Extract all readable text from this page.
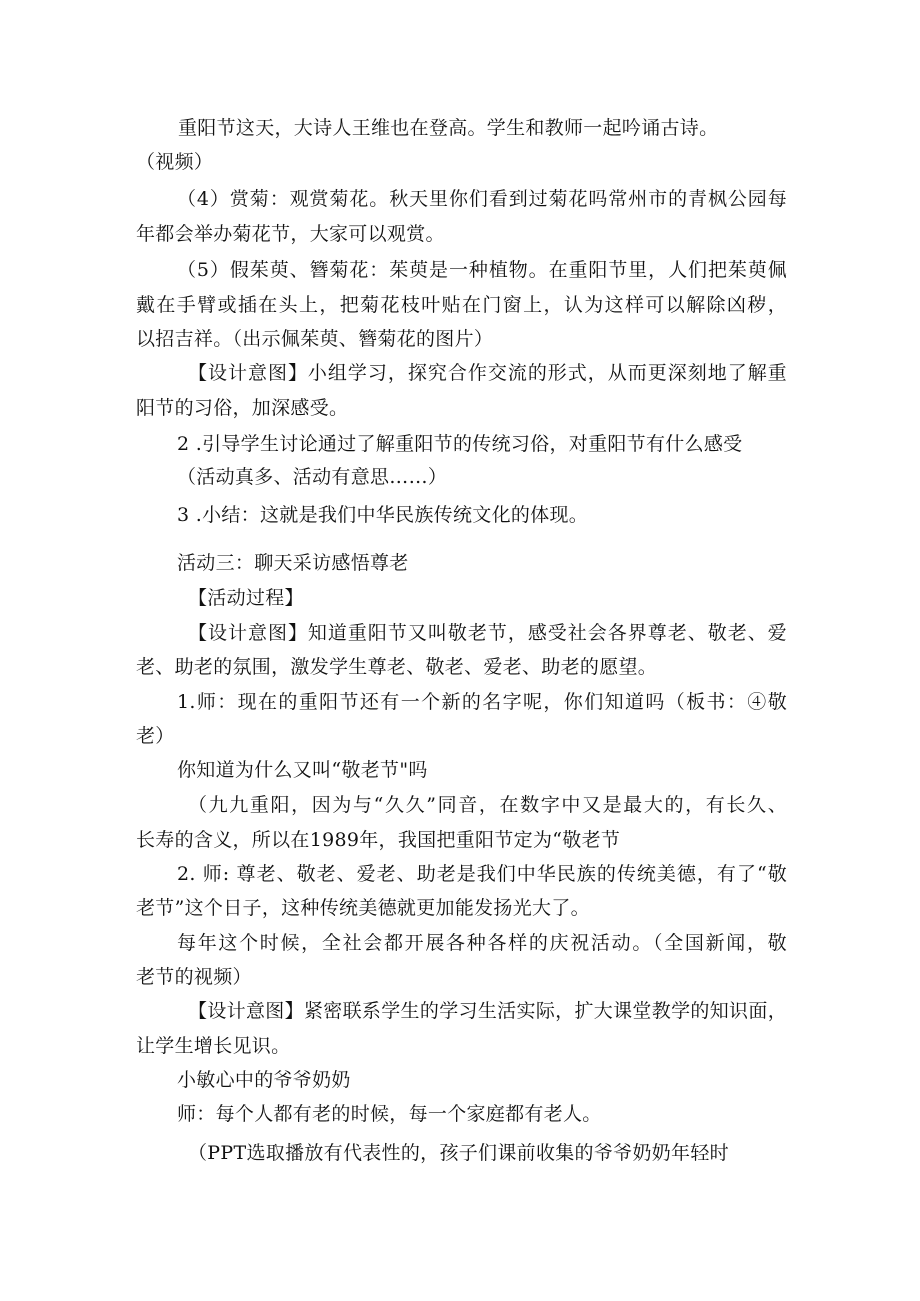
重阳节这天，大诗人王维也在登高。学生和教师一起吟诵古诗。
（视频）
（4）赏菊：观赏菊花。秋天里你们看到过菊花吗常州市的青枫公园每
年都会举办菊花节，大家可以观赏。
（5）假茱萸、簪菊花：茱萸是一种植物。在重阳节里，人们把茱萸佩
戴在手臂或插在头上，把菊花枝叶贴在门窗上，认为这样可以解除凶秽，
以招吉祥。（出示佩茱萸、簪菊花的图片）
【设计意图】小组学习，探究合作交流的形式，从而更深刻地了解重
阳节的习俗，加深感受。
2 .引导学生讨论通过了解重阳节的传统习俗，对重阳节有什么感受
（活动真多、活动有意思……）
3 .小结：这就是我们中华民族传统文化的体现。
活动三：聊天采访感悟尊老
【活动过程】
【设计意图】知道重阳节又叫敬老节，感受社会各界尊老、敬老、爱
老、助老的氛围，激发学生尊老、敬老、爱老、助老的愿望。
1.师：现在的重阳节还有一个新的名字呢，你们知道吗（板书：④敬
老）
你知道为什么又叫“敬老节"吗
（九九重阳，因为与“久久”同音，在数字中又是最大的，有长久、
长寿的含义，所以在1989年，我国把重阳节定为“敬老节
2. 师: 尊老、敬老、爱老、助老是我们中华民族的传统美德，有了“敬
老节”这个日子，这种传统美德就更加能发扬光大了。
每年这个时候，全社会都开展各种各样的庆祝活动。（全国新闻，敬
老节的视频）
【设计意图】紧密联系学生的学习生活实际，扩大课堂教学的知识面，
让学生增长见识。
小敏心中的爷爷奶奶
师：每个人都有老的时候，每一个家庭都有老人。
（PPT选取播放有代表性的，孩子们课前收集的爷爷奶奶年轻时
